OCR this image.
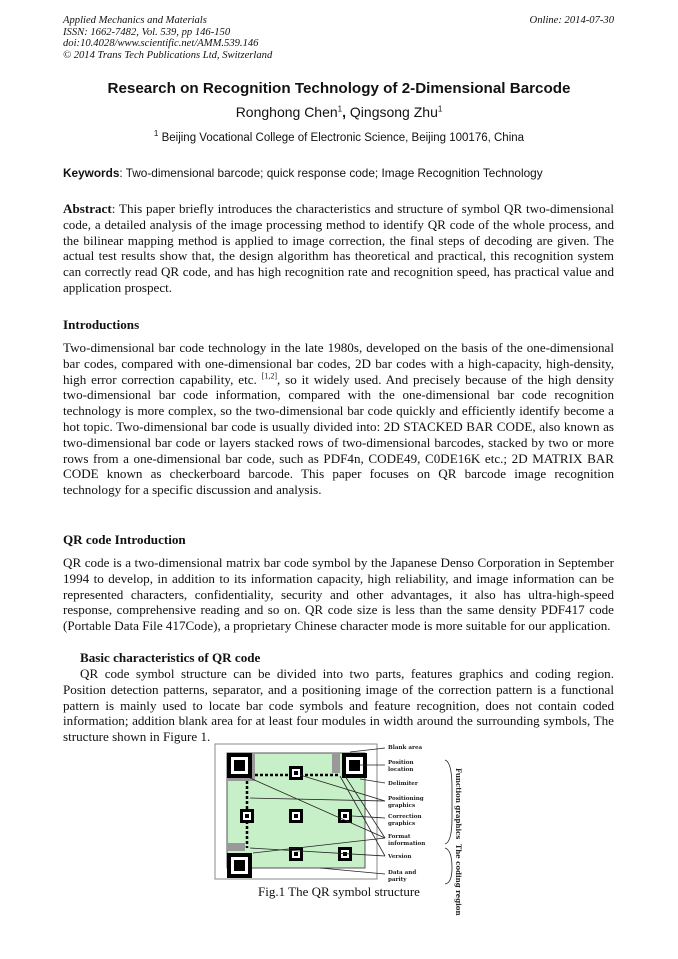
Applied Mechanics and Materials
ISSN: 1662-7482, Vol. 539, pp 146-150
doi:10.4028/www.scientific.net/AMM.539.146
© 2014 Trans Tech Publications Ltd, Switzerland
Online: 2014-07-30
Research on Recognition Technology of 2-Dimensional Barcode
Ronghong Chen$^1$, Qingsong Zhu$^1$
$^1$ Beijing Vocational College of Electronic Science, Beijing 100176, China
Keywords: Two-dimensional barcode; quick response code; Image Recognition Technology
Abstract: This paper briefly introduces the characteristics and structure of symbol QR two-dimensional code, a detailed analysis of the image processing method to identify QR code of the whole process, and the bilinear mapping method is applied to image correction, the final steps of decoding are given. The actual test results show that, the design algorithm has theoretical and practical, this recognition system can correctly read QR code, and has high recognition rate and recognition speed, has practical value and application prospect.
Introductions
Two-dimensional bar code technology in the late 1980s, developed on the basis of the one-dimensional bar codes, compared with one-dimensional bar codes, 2D bar codes with a high-capacity, high-density, high error correction capability, etc. [1,2], so it widely used. And precisely because of the high density two-dimensional bar code information, compared with the one-dimensional bar code recognition technology is more complex, so the two-dimensional bar code quickly and efficiently identify become a hot topic. Two-dimensional bar code is usually divided into: 2D STACKED BAR CODE, also known as two-dimensional bar code or layers stacked rows of two-dimensional barcodes, stacked by two or more rows from a one-dimensional bar code, such as PDF4n, CODE49, C0DE16K etc.; 2D MATRIX BAR CODE known as checkerboard barcode. This paper focuses on QR barcode image recognition technology for a specific discussion and analysis.
QR code Introduction
QR code is a two-dimensional matrix bar code symbol by the Japanese Denso Corporation in September 1994 to develop, in addition to its information capacity, high reliability, and image information can be represented characters, confidentiality, security and other advantages, it also has ultra-high-speed response, comprehensive reading and so on. QR code size is less than the same density PDF417 code (Portable Data File 417Code), a proprietary Chinese character mode is more suitable for our application.
Basic characteristics of QR code
QR code symbol structure can be divided into two parts, features graphics and coding region. Position detection patterns, separator, and a positioning image of the correction pattern is a functional pattern is mainly used to locate bar code symbols and feature recognition, does not contain coded information; addition blank area for at least four modules in width around the surrounding symbols, The structure shown in Figure 1.
Blank area
Position
location
Delimiter
Positioning
graphics
Correction
graphics
Format
information
Version
Data and
parity
Function graphics
The coding region
Fig.1 The QR symbol structure
